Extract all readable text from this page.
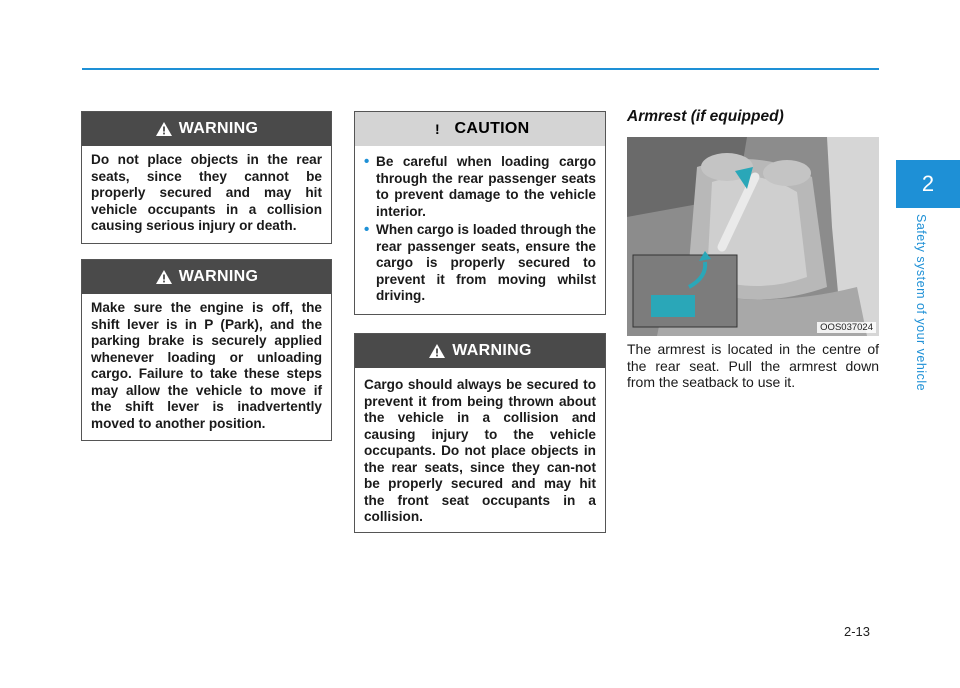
2
Safety system of your vehicle
2-13
WARNING
Do not place objects in the rear seats, since they cannot be properly secured and may hit vehicle occupants in a collision causing serious injury or death.
WARNING
Make sure the engine is off, the shift lever is in P (Park), and the parking brake is securely applied whenever loading or unloading cargo. Failure to take these steps may allow the vehicle to move if the shift lever is inadvertently moved to another position.
! CAUTION
• Be careful when loading cargo through the rear passenger seats to prevent damage to the vehicle interior.
• When cargo is loaded through the rear passenger seats, ensure the cargo is properly secured to prevent it from moving whilst driving.
WARNING
Cargo should always be secured to prevent it from being thrown about the vehicle in a collision and causing injury to the vehicle occupants. Do not place objects in the rear seats, since they can-not be properly secured and may hit the front seat occupants in a collision.
Armrest (if equipped)
OOS037024
The armrest is located in the centre of the rear seat. Pull the armrest down from the seatback to use it.
